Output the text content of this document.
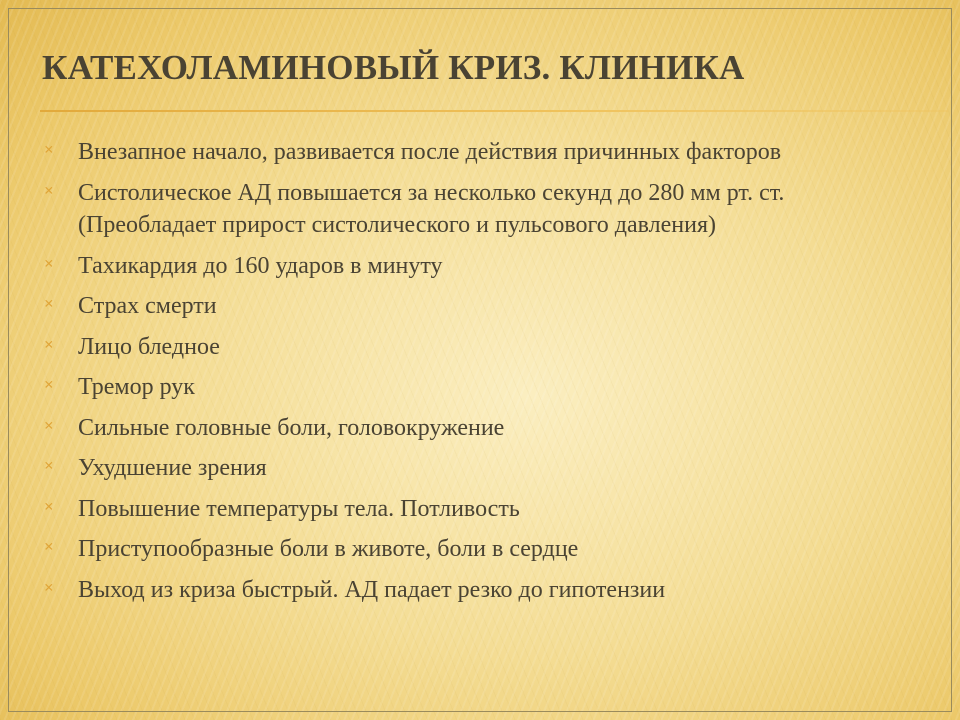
КАТЕХОЛАМИНОВЫЙ КРИЗ. КЛИНИКА
× Внезапное начало, развивается после действия причинных факторов
× Систолическое АД повышается за несколько секунд до 280 мм рт. ст. (Преобладает прирост систолического и пульсового давления)
× Тахикардия до 160 ударов в минуту
× Страх смерти
× Лицо бледное
× Тремор рук
× Сильные головные боли, головокружение
× Ухудшение зрения
× Повышение температуры тела. Потливость
× Приступообразные боли в животе, боли в сердце
× Выход из криза быстрый. АД падает резко до гипотензии
